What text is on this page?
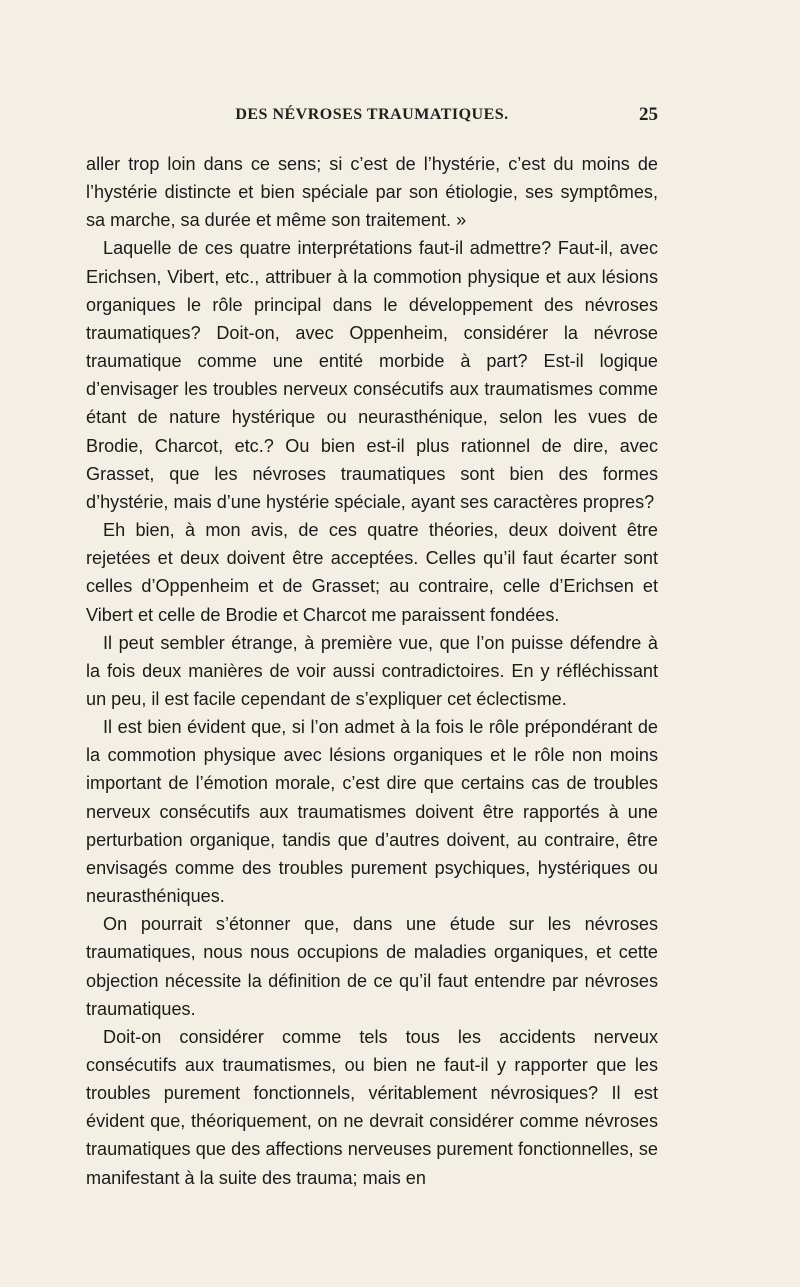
DES NÉVROSES TRAUMATIQUES.	25

aller trop loin dans ce sens; si c’est de l’hystérie, c’est du moins de l’hystérie distincte et bien spéciale par son étiologie, ses symptômes, sa marche, sa durée et même son traitement. »

Laquelle de ces quatre interprétations faut-il admettre? Faut-il, avec Erichsen, Vibert, etc., attribuer à la commotion physique et aux lésions organiques le rôle principal dans le développement des névroses traumatiques? Doit-on, avec Oppenheim, considérer la névrose traumatique comme une entité morbide à part? Est-il logique d’envisager les troubles nerveux consécutifs aux traumatismes comme étant de nature hystérique ou neurasthénique, selon les vues de Brodie, Charcot, etc.? Ou bien est-il plus rationnel de dire, avec Grasset, que les névroses traumatiques sont bien des formes d’hystérie, mais d’une hystérie spéciale, ayant ses caractères propres?

Eh bien, à mon avis, de ces quatre théories, deux doivent être rejetées et deux doivent être acceptées. Celles qu’il faut écarter sont celles d’Oppenheim et de Grasset; au contraire, celle d’Erichsen et Vibert et celle de Brodie et Charcot me paraissent fondées.

Il peut sembler étrange, à première vue, que l’on puisse défendre à la fois deux manières de voir aussi contradictoires. En y réfléchissant un peu, il est facile cependant de s’expliquer cet éclectisme.

Il est bien évident que, si l’on admet à la fois le rôle prépondérant de la commotion physique avec lésions organiques et le rôle non moins important de l’émotion morale, c’est dire que certains cas de troubles nerveux consécutifs aux traumatismes doivent être rapportés à une perturbation organique, tandis que d’autres doivent, au contraire, être envisagés comme des troubles purement psychiques, hystériques ou neurasthéniques.

On pourrait s’étonner que, dans une étude sur les névroses traumatiques, nous nous occupions de maladies organiques, et cette objection nécessite la définition de ce qu’il faut entendre par névroses traumatiques.

Doit-on considérer comme tels tous les accidents nerveux consécutifs aux traumatismes, ou bien ne faut-il y rapporter que les troubles purement fonctionnels, véritablement névrosiques? Il est évident que, théoriquement, on ne devrait considérer comme névroses traumatiques que des affections nerveuses purement fonctionnelles, se manifestant à la suite des trauma; mais en
